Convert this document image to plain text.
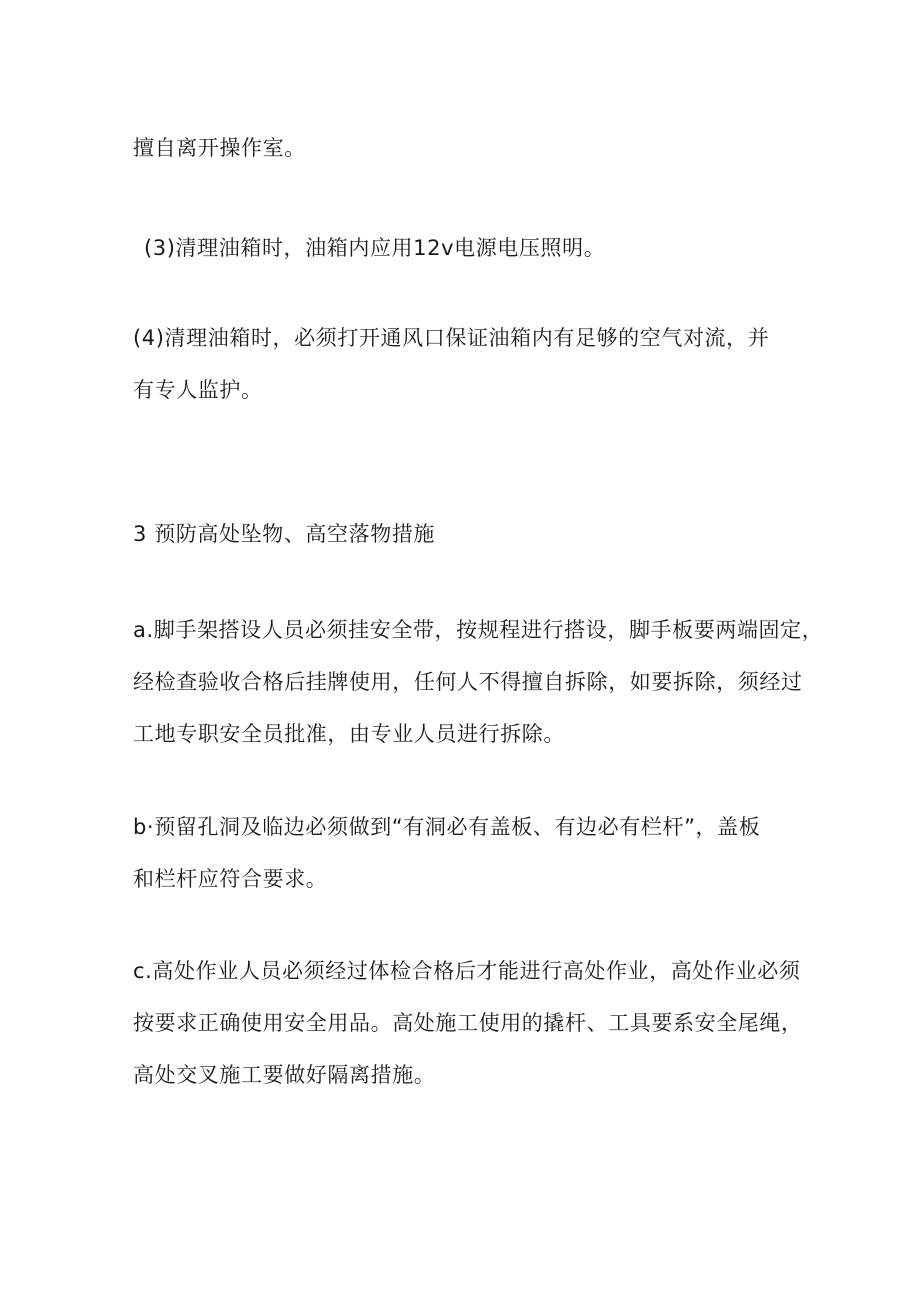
擅自离开操作室。
(3)清理油箱时，油箱内应用12v电源电压照明。
(4)清理油箱时，必须打开通风口保证油箱内有足够的空气对流，并
有专人监护。
3 预防高处坠物、高空落物措施
a.脚手架搭设人员必须挂安全带，按规程进行搭设，脚手板要两端固定，
经检查验收合格后挂牌使用，任何人不得擅自拆除，如要拆除，须经过
工地专职安全员批准，由专业人员进行拆除。
b·预留孔洞及临边必须做到“有洞必有盖板、有边必有栏杆”，盖板
和栏杆应符合要求。
c.高处作业人员必须经过体检合格后才能进行高处作业，高处作业必须
按要求正确使用安全用品。高处施工使用的撬杆、工具要系安全尾绳，
高处交叉施工要做好隔离措施。
